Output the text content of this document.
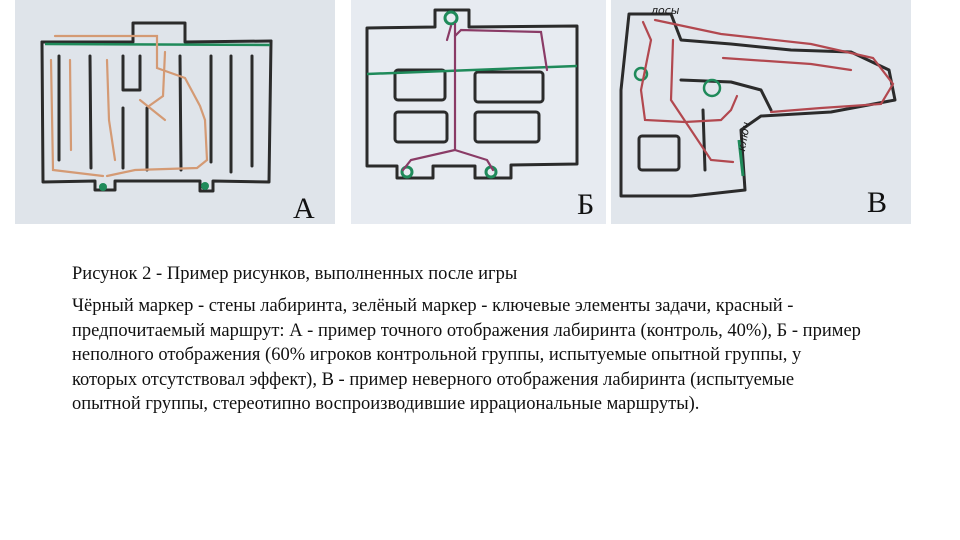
А	Б
лосы
ключ
В

Рисунок 2 - Пример рисунков, выполненных после игры

Чёрный маркер - стены лабиринта, зелёный маркер - ключевые элементы задачи, красный - предпочитаемый маршрут: А - пример точного отображения лабиринта (контроль, 40%), Б - пример неполного отображения (60% игроков контрольной группы, испытуемые опытной группы, у которых отсутствовал эффект), В - пример неверного отображения лабиринта (испытуемые опытной группы, стереотипно воспроизводившие иррациональные маршруты).
